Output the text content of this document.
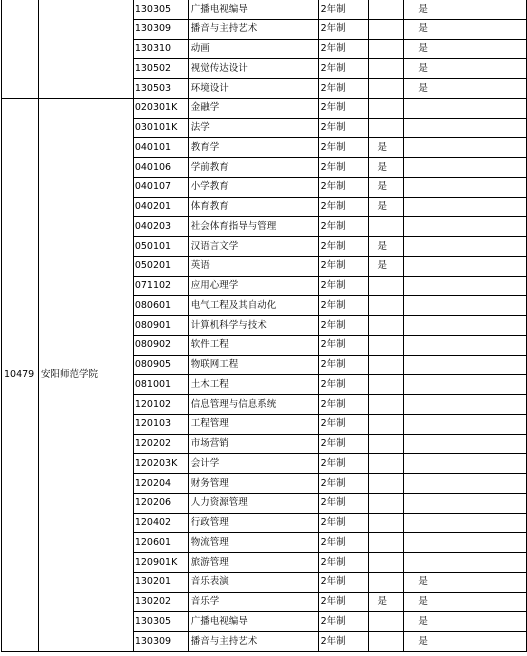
		130305	广播电视编导	2年制		是
		130309	播音与主持艺术	2年制		是
		130310	动画	2年制		是
		130502	视觉传达设计	2年制		是
		130503	环境设计	2年制		是
10479	安阳师范学院	020301K	金融学	2年制		
		030101K	法学	2年制		
		040101	教育学	2年制	是	
		040106	学前教育	2年制	是	
		040107	小学教育	2年制	是	
		040201	体育教育	2年制	是	
		040203	社会体育指导与管理	2年制		
		050101	汉语言文学	2年制	是	
		050201	英语	2年制	是	
		071102	应用心理学	2年制		
		080601	电气工程及其自动化	2年制		
		080901	计算机科学与技术	2年制		
		080902	软件工程	2年制		
		080905	物联网工程	2年制		
		081001	土木工程	2年制		
		120102	信息管理与信息系统	2年制		
		120103	工程管理	2年制		
		120202	市场营销	2年制		
		120203K	会计学	2年制		
		120204	财务管理	2年制		
		120206	人力资源管理	2年制		
		120402	行政管理	2年制		
		120601	物流管理	2年制		
		120901K	旅游管理	2年制		
		130201	音乐表演	2年制		是
		130202	音乐学	2年制	是	是
		130305	广播电视编导	2年制		是
		130309	播音与主持艺术	2年制		是
